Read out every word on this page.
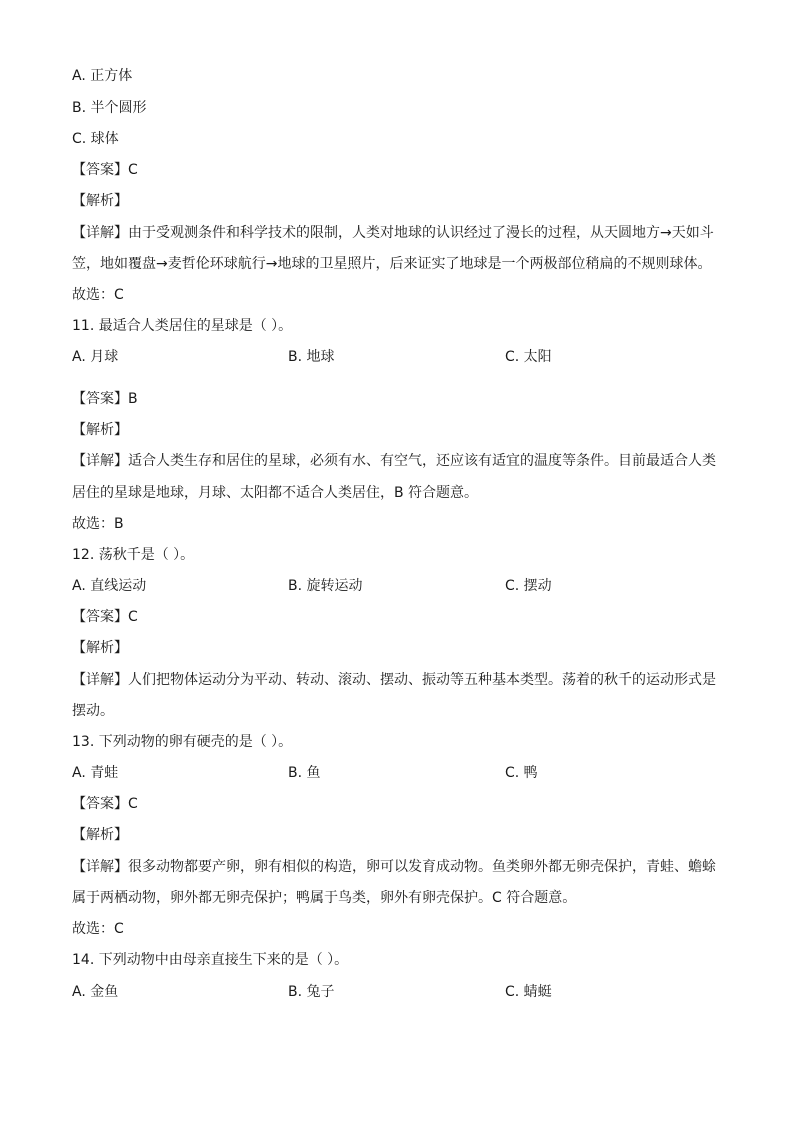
A. 正方体
B. 半个圆形
C. 球体
【答案】C
【解析】
【详解】由于受观测条件和科学技术的限制，人类对地球的认识经过了漫长的过程，从天圆地方→天如斗
笠，地如覆盘→麦哲伦环球航行→地球的卫星照片，后来证实了地球是一个两极部位稍扁的不规则球体。
故选：C
11. 最适合人类居住的星球是（ ）。
A. 月球	B. 地球	C. 太阳
【答案】B
【解析】
【详解】适合人类生存和居住的星球，必须有水、有空气，还应该有适宜的温度等条件。目前最适合人类
居住的星球是地球，月球、太阳都不适合人类居住，B 符合题意。
故选：B
12. 荡秋千是（ ）。
A. 直线运动	B. 旋转运动	C. 摆动
【答案】C
【解析】
【详解】人们把物体运动分为平动、转动、滚动、摆动、振动等五种基本类型。荡着的秋千的运动形式是
摆动。
13. 下列动物的卵有硬壳的是（ ）。
A. 青蛙	B. 鱼	C. 鸭
【答案】C
【解析】
【详解】很多动物都要产卵，卵有相似的构造，卵可以发育成动物。鱼类卵外都无卵壳保护，青蛙、蟾蜍
属于两栖动物，卵外都无卵壳保护；鸭属于鸟类，卵外有卵壳保护。C 符合题意。
故选：C
14. 下列动物中由母亲直接生下来的是（ ）。
A. 金鱼	B. 兔子	C. 蜻蜓
